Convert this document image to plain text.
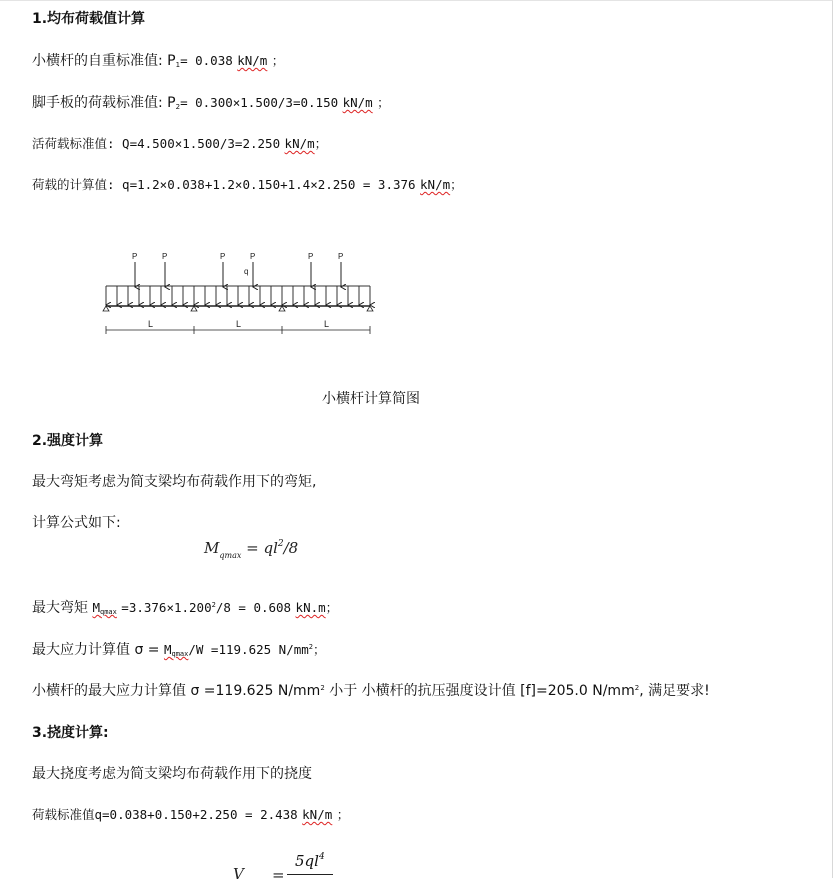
1.均布荷载值计算
小横杆的自重标准值: P1= 0.038 kN/m ；
脚手板的荷载标准值: P2= 0.300×1.500/3=0.150 kN/m ；
活荷载标准值: Q=4.500×1.500/3=2.250 kN/m；
荷载的计算值: q=1.2×0.038+1.2×0.150+1.4×2.250 = 3.376 kN/m；
P	P	P	P
q
P	P
L	L	L
小横杆计算简图
2.强度计算
最大弯矩考虑为简支梁均布荷载作用下的弯矩,
计算公式如下:
$M_{qmax} = ql^2/8$
最大弯矩 $Mqmax =3.376\times 1.200^2/8 = 0.608$ kN.m；
最大应力计算值 σ = Mqmax/W =119.625 $N/mm^2$；
小横杆的最大应力计算值 σ =119.625 $N/mm^2$ 小于 小横杆的抗压强度设计值 [f]=205.0 $N/mm^2$, 满足要求!
3.挠度计算:
最大挠度考虑为简支梁均布荷载作用下的挠度
荷载标准值q=0.038+0.150+2.250 = 2.438 kN/m ；
$5ql^4$
V =
